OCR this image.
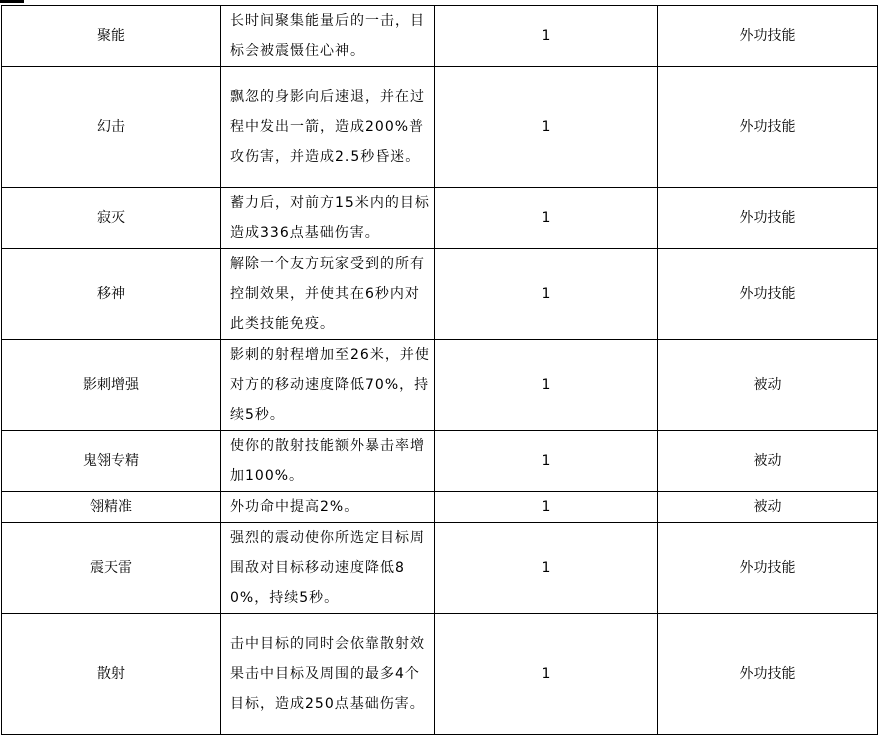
聚能	长时间聚集能量后的一击，目标会被震慑住心神。	1	外功技能
幻击	飘忽的身影向后速退，并在过程中发出一箭，造成200%普攻伤害，并造成2.5秒昏迷。	1	外功技能
寂灭	蓄力后，对前方15米内的目标造成336点基础伤害。	1	外功技能
移神	解除一个友方玩家受到的所有控制效果，并使其在6秒内对此类技能免疫。	1	外功技能
影刺增强	影刺的射程增加至26米，并使对方的移动速度降低70%，持续5秒。	1	被动
鬼翎专精	使你的散射技能额外暴击率增加100%。	1	被动
翎精准	外功命中提高2%。	1	被动
震天雷	强烈的震动使你所选定目标周围敌对目标移动速度降低80%，持续5秒。	1	外功技能
散射	击中目标的同时会依靠散射效果击中目标及周围的最多4个目标，造成250点基础伤害。	1	外功技能
